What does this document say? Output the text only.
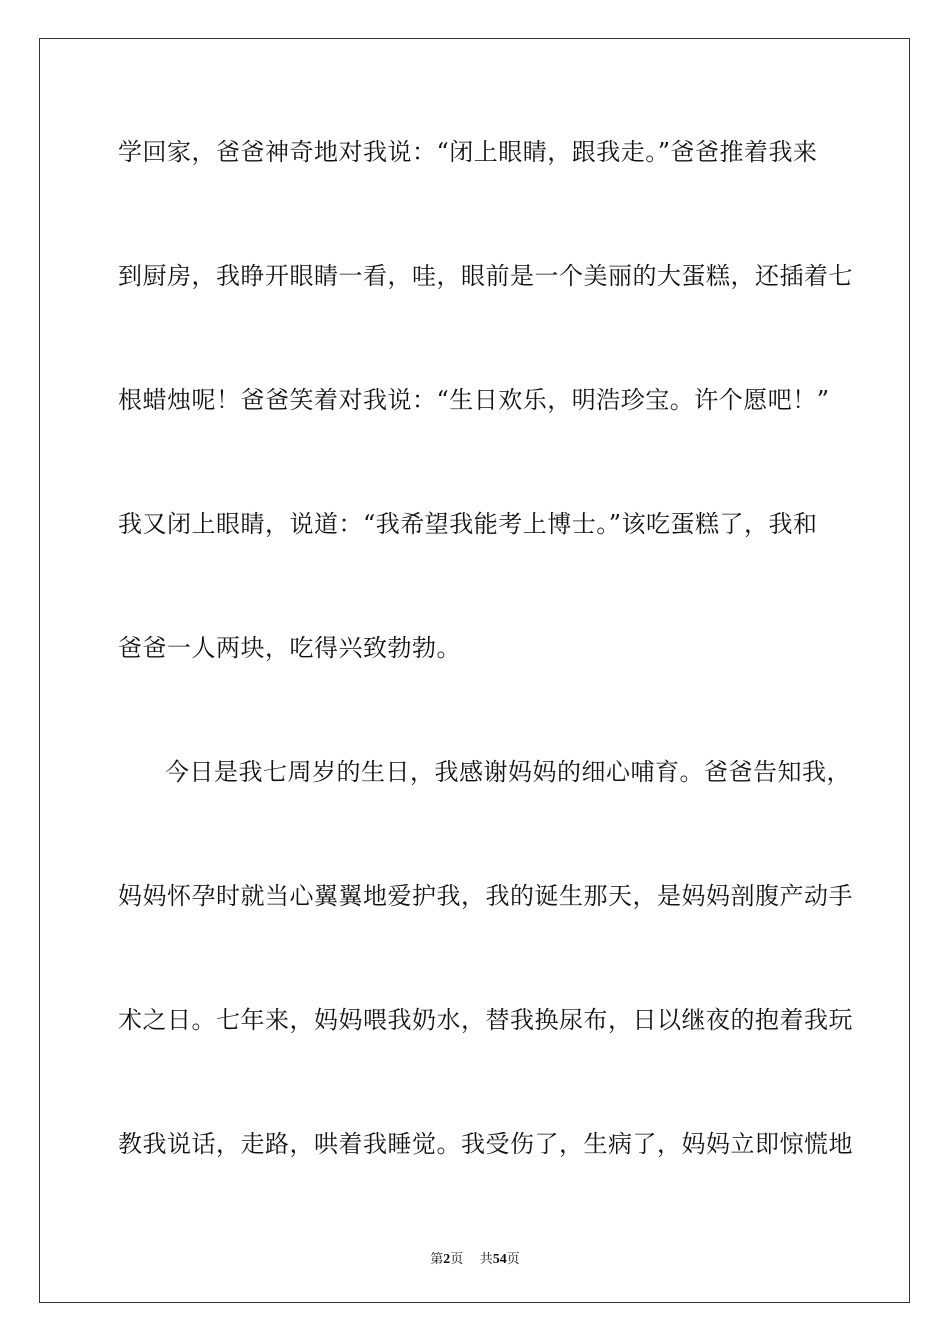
学回家，爸爸神奇地对我说：“闭上眼睛，跟我走。”爸爸推着我来
到厨房，我睁开眼睛一看，哇，眼前是一个美丽的大蛋糕，还插着七
根蜡烛呢！爸爸笑着对我说：“生日欢乐，明浩珍宝。许个愿吧！”
我又闭上眼睛，说道：“我希望我能考上博士。”该吃蛋糕了，我和
爸爸一人两块，吃得兴致勃勃。
今日是我七周岁的生日，我感谢妈妈的细心哺育。爸爸告知我，
妈妈怀孕时就当心翼翼地爱护我，我的诞生那天，是妈妈剖腹产动手
术之日。七年来，妈妈喂我奶水，替我换尿布，日以继夜的抱着我玩
教我说话，走路，哄着我睡觉。我受伤了，生病了，妈妈立即惊慌地
第2页 共54页
